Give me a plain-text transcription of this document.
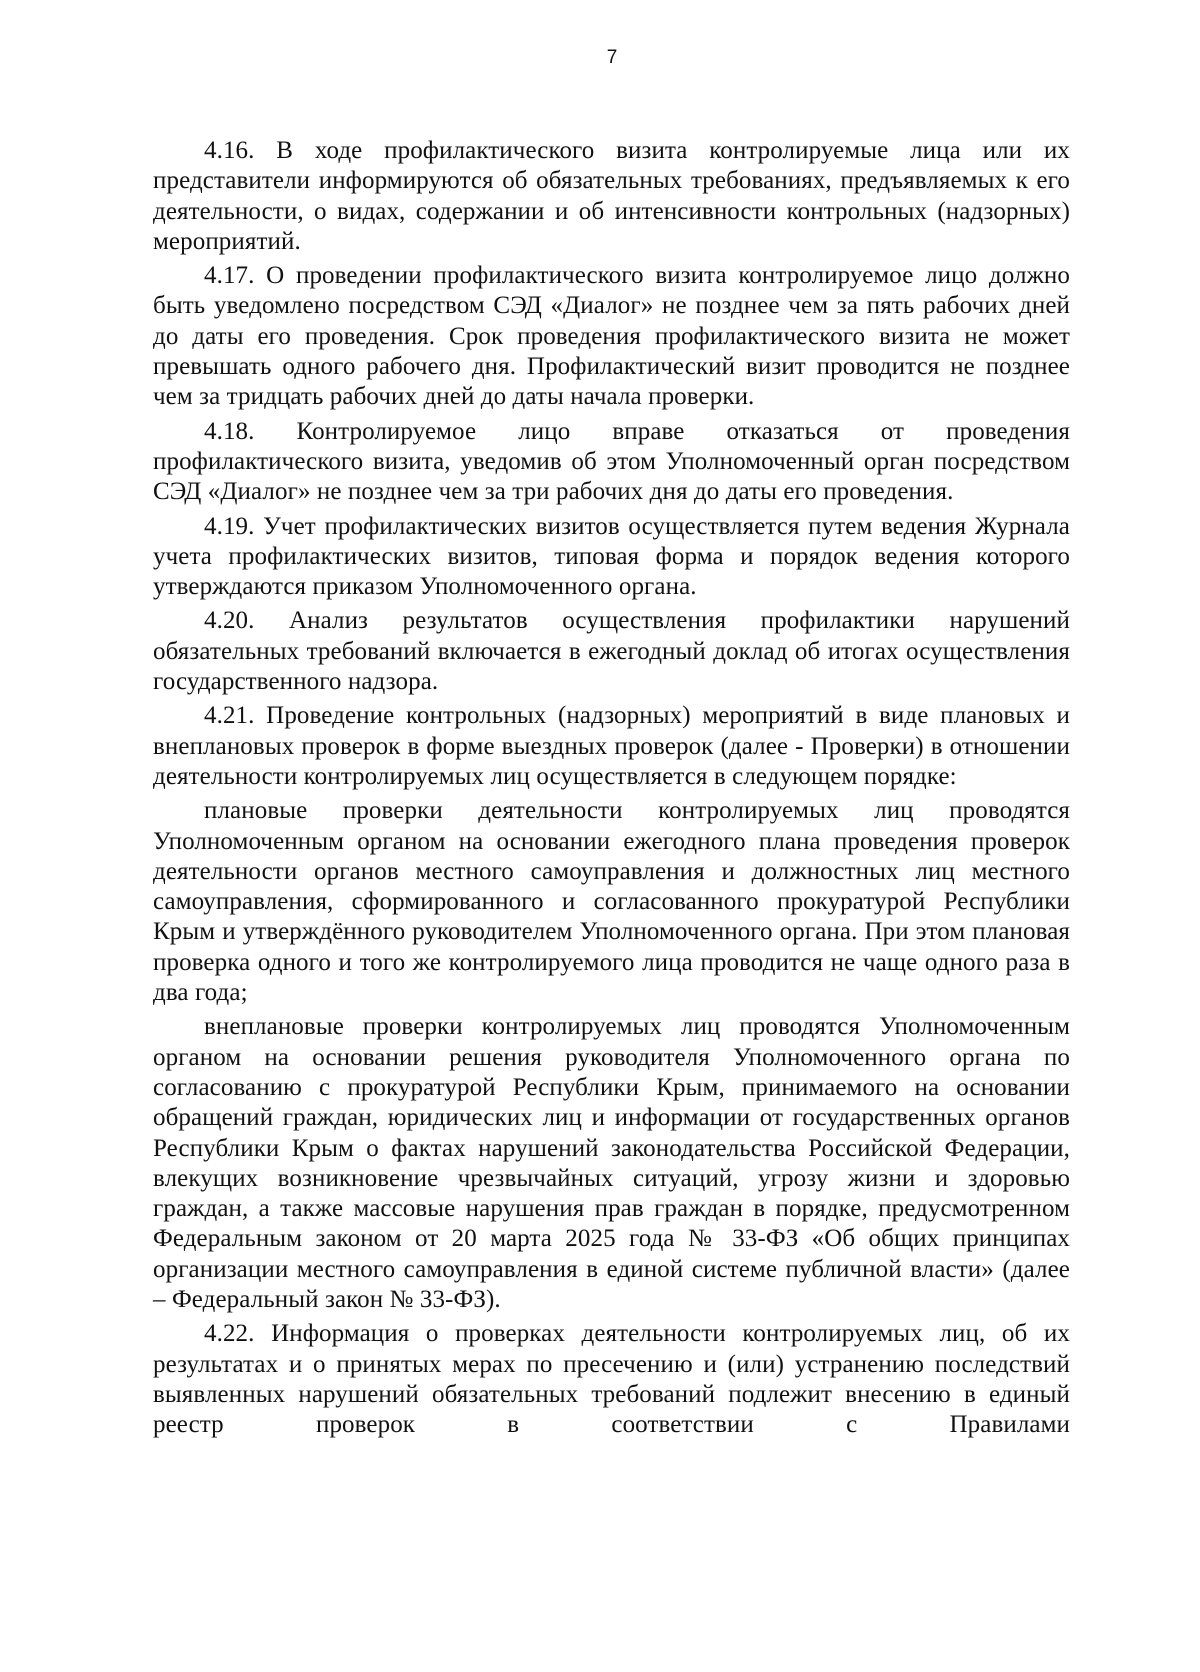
7

4.16. В ходе профилактического визита контролируемые лица или их представители информируются об обязательных требованиях, предъявляемых к его деятельности, о видах, содержании и об интенсивности контрольных (надзорных) мероприятий.

4.17. О проведении профилактического визита контролируемое лицо должно быть уведомлено посредством СЭД «Диалог» не позднее чем за пять рабочих дней до даты его проведения. Срок проведения профилактического визита не может превышать одного рабочего дня. Профилактический визит проводится не позднее чем за тридцать рабочих дней до даты начала проверки.

4.18. Контролируемое лицо вправе отказаться от проведения профилактического визита, уведомив об этом Уполномоченный орган посредством СЭД «Диалог» не позднее чем за три рабочих дня до даты его проведения.

4.19. Учет профилактических визитов осуществляется путем ведения Журнала учета профилактических визитов, типовая форма и порядок ведения которого утверждаются приказом Уполномоченного органа.

4.20. Анализ результатов осуществления профилактики нарушений обязательных требований включается в ежегодный доклад об итогах осуществления государственного надзора.

4.21. Проведение контрольных (надзорных) мероприятий в виде плановых и внеплановых проверок в форме выездных проверок (далее - Проверки) в отношении деятельности контролируемых лиц осуществляется в следующем порядке:

плановые проверки деятельности контролируемых лиц проводятся Уполномоченным органом на основании ежегодного плана проведения проверок деятельности органов местного самоуправления и должностных лиц местного самоуправления, сформированного и согласованного прокуратурой Республики Крым и утверждённого руководителем Уполномоченного органа. При этом плановая проверка одного и того же контролируемого лица проводится не чаще одного раза в два года;

внеплановые проверки контролируемых лиц проводятся Уполномоченным органом на основании решения руководителя Уполномоченного органа по согласованию с прокуратурой Республики Крым, принимаемого на основании обращений граждан, юридических лиц и информации от государственных органов Республики Крым о фактах нарушений законодательства Российской Федерации, влекущих возникновение чрезвычайных ситуаций, угрозу жизни и здоровью граждан, а также массовые нарушения прав граждан в порядке, предусмотренном Федеральным законом от 20 марта 2025 года № 33-ФЗ «Об общих принципах организации местного самоуправления в единой системе публичной власти» (далее – Федеральный закон № 33-ФЗ).

4.22. Информация о проверках деятельности контролируемых лиц, об их результатах и о принятых мерах по пресечению и (или) устранению последствий выявленных нарушений обязательных требований подлежит внесению в единый реестр проверок в соответствии с Правилами
